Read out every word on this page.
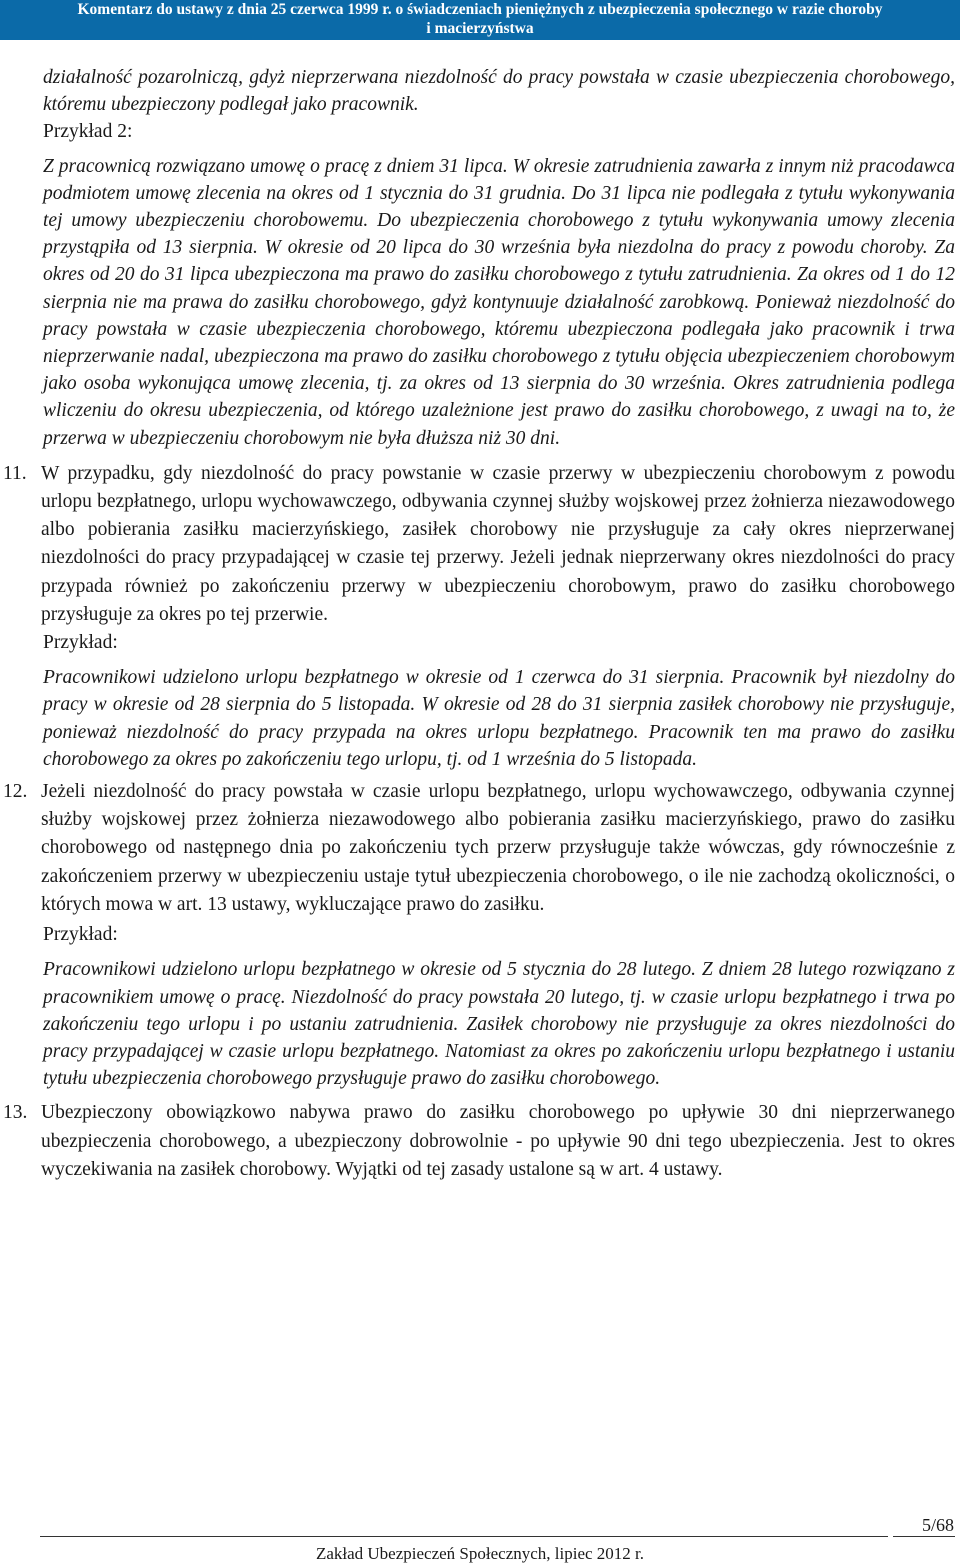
Komentarz do ustawy z dnia 25 czerwca 1999 r. o świadczeniach pieniężnych z ubezpieczenia społecznego w razie choroby
i macierzyństwa

działalność pozarolniczą, gdyż nieprzerwana niezdolność do pracy powstała w czasie ubezpieczenia chorobowego, któremu ubezpieczony podlegał jako pracownik.

Przykład 2:

Z pracownicą rozwiązano umowę o pracę z dniem 31 lipca. W okresie zatrudnienia zawarła z innym niż pracodawca podmiotem umowę zlecenia na okres od 1 stycznia do 31 grudnia. Do 31 lipca nie podlegała z tytułu wykonywania tej umowy ubezpieczeniu chorobowemu. Do ubezpieczenia chorobowego z tytułu wykonywania umowy zlecenia przystąpiła od 13 sierpnia. W okresie od 20 lipca do 30 września była niezdolna do pracy z powodu choroby. Za okres od 20 do 31 lipca ubezpieczona ma prawo do zasiłku chorobowego z tytułu zatrudnienia. Za okres od 1 do 12 sierpnia nie ma prawa do zasiłku chorobowego, gdyż kontynuuje działalność zarobkową. Ponieważ niezdolność do pracy powstała w czasie ubezpieczenia chorobowego, któremu ubezpieczona podlegała jako pracownik i trwa nieprzerwanie nadal, ubezpieczona ma prawo do zasiłku chorobowego z tytułu objęcia ubezpieczeniem chorobowym jako osoba wykonująca umowę zlecenia, tj. za okres od 13 sierpnia do 30 września. Okres zatrudnienia podlega wliczeniu do okresu ubezpieczenia, od którego uzależnione jest prawo do zasiłku chorobowego, z uwagi na to, że przerwa w ubezpieczeniu chorobowym nie była dłuższa niż 30 dni.

11. W przypadku, gdy niezdolność do pracy powstanie w czasie przerwy w ubezpieczeniu chorobowym z powodu urlopu bezpłatnego, urlopu wychowawczego, odbywania czynnej służby wojskowej przez żołnierza niezawodowego albo pobierania zasiłku macierzyńskiego, zasiłek chorobowy nie przysługuje za cały okres nieprzerwanej niezdolności do pracy przypadającej w czasie tej przerwy. Jeżeli jednak nieprzerwany okres niezdolności do pracy przypada również po zakończeniu przerwy w ubezpieczeniu chorobowym, prawo do zasiłku chorobowego przysługuje za okres po tej przerwie.

Przykład:

Pracownikowi udzielono urlopu bezpłatnego w okresie od 1 czerwca do 31 sierpnia. Pracownik był niezdolny do pracy w okresie od 28 sierpnia do 5 listopada. W okresie od 28 do 31 sierpnia zasiłek chorobowy nie przysługuje, ponieważ niezdolność do pracy przypada na okres urlopu bezpłatnego. Pracownik ten ma prawo do zasiłku chorobowego za okres po zakończeniu tego urlopu, tj. od 1 września do 5 listopada.

12. Jeżeli niezdolność do pracy powstała w czasie urlopu bezpłatnego, urlopu wychowawczego, odbywania czynnej służby wojskowej przez żołnierza niezawodowego albo pobierania zasiłku macierzyńskiego, prawo do zasiłku chorobowego od następnego dnia po zakończeniu tych przerw przysługuje także wówczas, gdy równocześnie z zakończeniem przerwy w ubezpieczeniu ustaje tytuł ubezpieczenia chorobowego, o ile nie zachodzą okoliczności, o których mowa w art. 13 ustawy, wykluczające prawo do zasiłku.

Przykład:

Pracownikowi udzielono urlopu bezpłatnego w okresie od 5 stycznia do 28 lutego. Z dniem 28 lutego rozwiązano z pracownikiem umowę o pracę. Niezdolność do pracy powstała 20 lutego, tj. w czasie urlopu bezpłatnego i trwa po zakończeniu tego urlopu i po ustaniu zatrudnienia. Zasiłek chorobowy nie przysługuje za okres niezdolności do pracy przypadającej w czasie urlopu bezpłatnego. Natomiast za okres po zakończeniu urlopu bezpłatnego i ustaniu tytułu ubezpieczenia chorobowego przysługuje prawo do zasiłku chorobowego.

13. Ubezpieczony obowiązkowo nabywa prawo do zasiłku chorobowego po upływie 30 dni nieprzerwanego ubezpieczenia chorobowego, a ubezpieczony dobrowolnie - po upływie 90 dni tego ubezpieczenia. Jest to okres wyczekiwania na zasiłek chorobowy. Wyjątki od tej zasady ustalone są w art. 4 ustawy.
5/68
Zakład Ubezpieczeń Społecznych, lipiec 2012 r.
